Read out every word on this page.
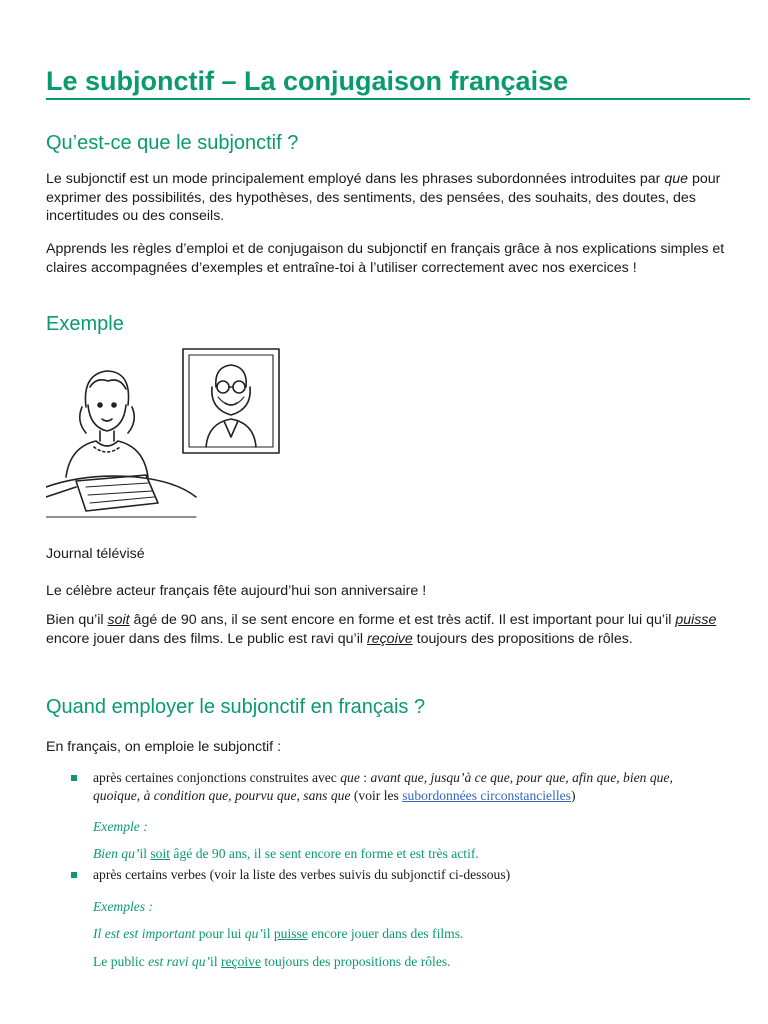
Le subjonctif – La conjugaison française
Qu’est-ce que le subjonctif ?

Le subjonctif est un mode principalement employé dans les phrases subordonnées introduites par que pour exprimer des possibilités, des hypothèses, des sentiments, des pensées, des souhaits, des doutes, des incertitudes ou des conseils.

Apprends les règles d’emploi et de conjugaison du subjonctif en français grâce à nos explications simples et claires accompagnées d’exemples et entraîne-toi à l’utiliser correctement avec nos exercices !

Exemple

Journal télévisé

Le célèbre acteur français fête aujourd’hui son anniversaire !

Bien qu’il soit âgé de 90 ans, il se sent encore en forme et est très actif. Il est important pour lui qu’il puisse encore jouer dans des films. Le public est ravi qu’il reçoive toujours des propositions de rôles.

Quand employer le subjonctif en français ?

En français, on emploie le subjonctif :

après certaines conjonctions construites avec que : avant que, jusqu’à ce que, pour que, afin que, bien que, quoique, à condition que, pourvu que, sans que (voir les subordonnées circonstancielles)

Exemple :

Bien qu’il soit âgé de 90 ans, il se sent encore en forme et est très actif.

après certains verbes (voir la liste des verbes suivis du subjonctif ci-dessous)

Exemples :

Il est est important pour lui qu’il puisse encore jouer dans des films.

Le public est ravi qu’il reçoive toujours des propositions de rôles.
